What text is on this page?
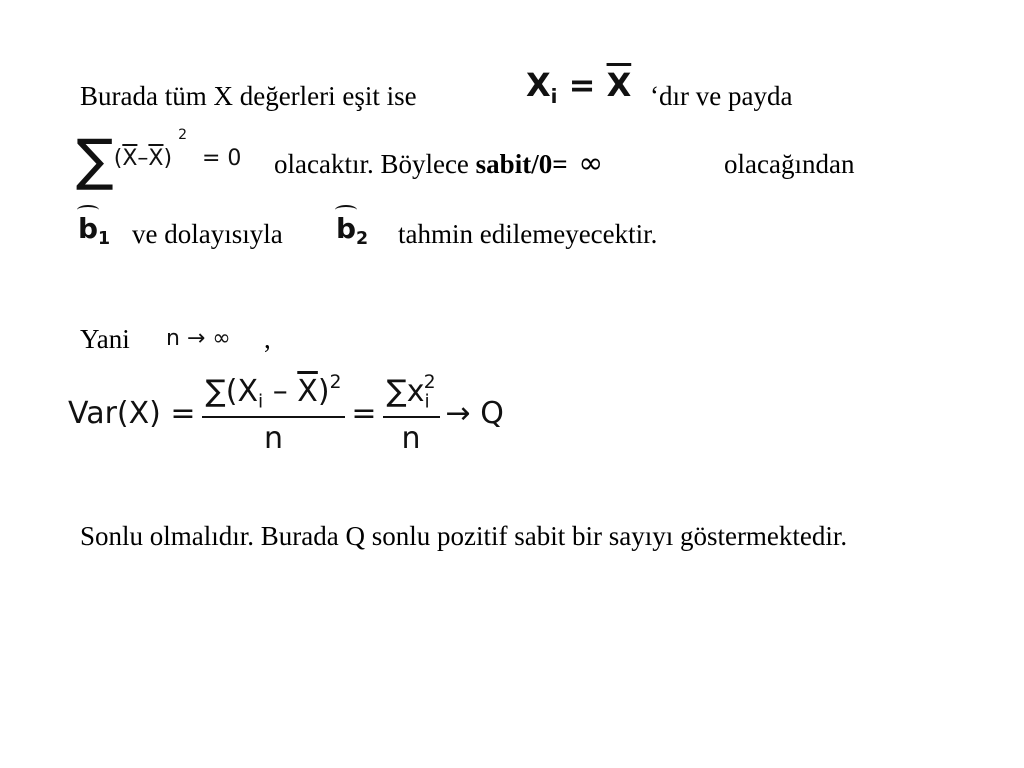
Burada tüm X değerleri eşit ise	$X_i = \overline{X}$ ‘dır ve payda
$\sum(\overline{X}-\overline{X})^2 = 0$ olacaktır. Böylece sabit/0= ∞	olacağından
$b_1$ ve dolayısıyla $b_2$ tahmin edilemeyecektir.
Yani n → ∞ ,
$Var(X) = \frac{\sum(X_i - \overline{X})^2}{n} = \frac{\sum x_i^2}{n} \to Q$
Sonlu olmalıdır. Burada Q sonlu pozitif sabit bir sayıyı göstermektedir.
